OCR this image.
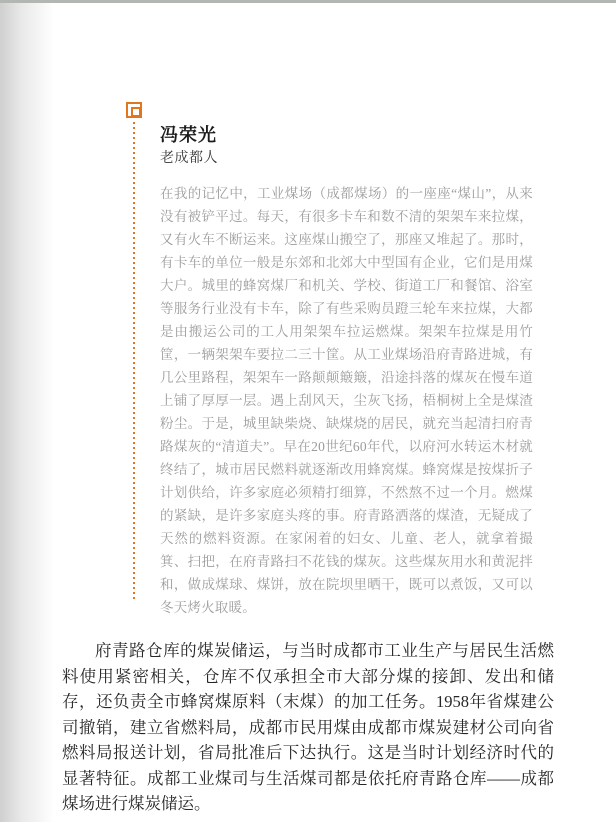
冯荣光

老成都人

在我的记忆中，工业煤场（成都煤场）的一座座“煤山”，从来没有被铲平过。每天，有很多卡车和数不清的架架车来拉煤，又有火车不断运来。这座煤山搬空了，那座又堆起了。那时，有卡车的单位一般是东郊和北郊大中型国有企业，它们是用煤大户。城里的蜂窝煤厂和机关、学校、街道工厂和餐馆、浴室等服务行业没有卡车，除了有些采购员蹬三轮车来拉煤，大都是由搬运公司的工人用架架车拉运燃煤。架架车拉煤是用竹筐，一辆架架车要拉二三十筐。从工业煤场沿府青路进城，有几公里路程，架架车一路颠颠簸簸，沿途抖落的煤灰在慢车道上铺了厚厚一层。遇上刮风天，尘灰飞扬，梧桐树上全是煤渣粉尘。于是，城里缺柴烧、缺煤烧的居民，就充当起清扫府青路煤灰的“清道夫”。早在20世纪60年代，以府河水转运木材就终结了，城市居民燃料就逐渐改用蜂窝煤。蜂窝煤是按煤折子计划供给，许多家庭必须精打细算，不然熬不过一个月。燃煤的紧缺，是许多家庭头疼的事。府青路洒落的煤渣，无疑成了天然的燃料资源。在家闲着的妇女、儿童、老人，就拿着撮箕、扫把，在府青路扫不花钱的煤灰。这些煤灰用水和黄泥拌和，做成煤球、煤饼，放在院坝里晒干，既可以煮饭，又可以冬天烤火取暖。

府青路仓库的煤炭储运，与当时成都市工业生产与居民生活燃料使用紧密相关，仓库不仅承担全市大部分煤的接卸、发出和储存，还负责全市蜂窝煤原料（末煤）的加工任务。1958年省煤建公司撤销，建立省燃料局，成都市民用煤由成都市煤炭建材公司向省燃料局报送计划，省局批准后下达执行。这是当时计划经济时代的显著特征。成都工业煤司与生活煤司都是依托府青路仓库——成都煤场进行煤炭储运。
